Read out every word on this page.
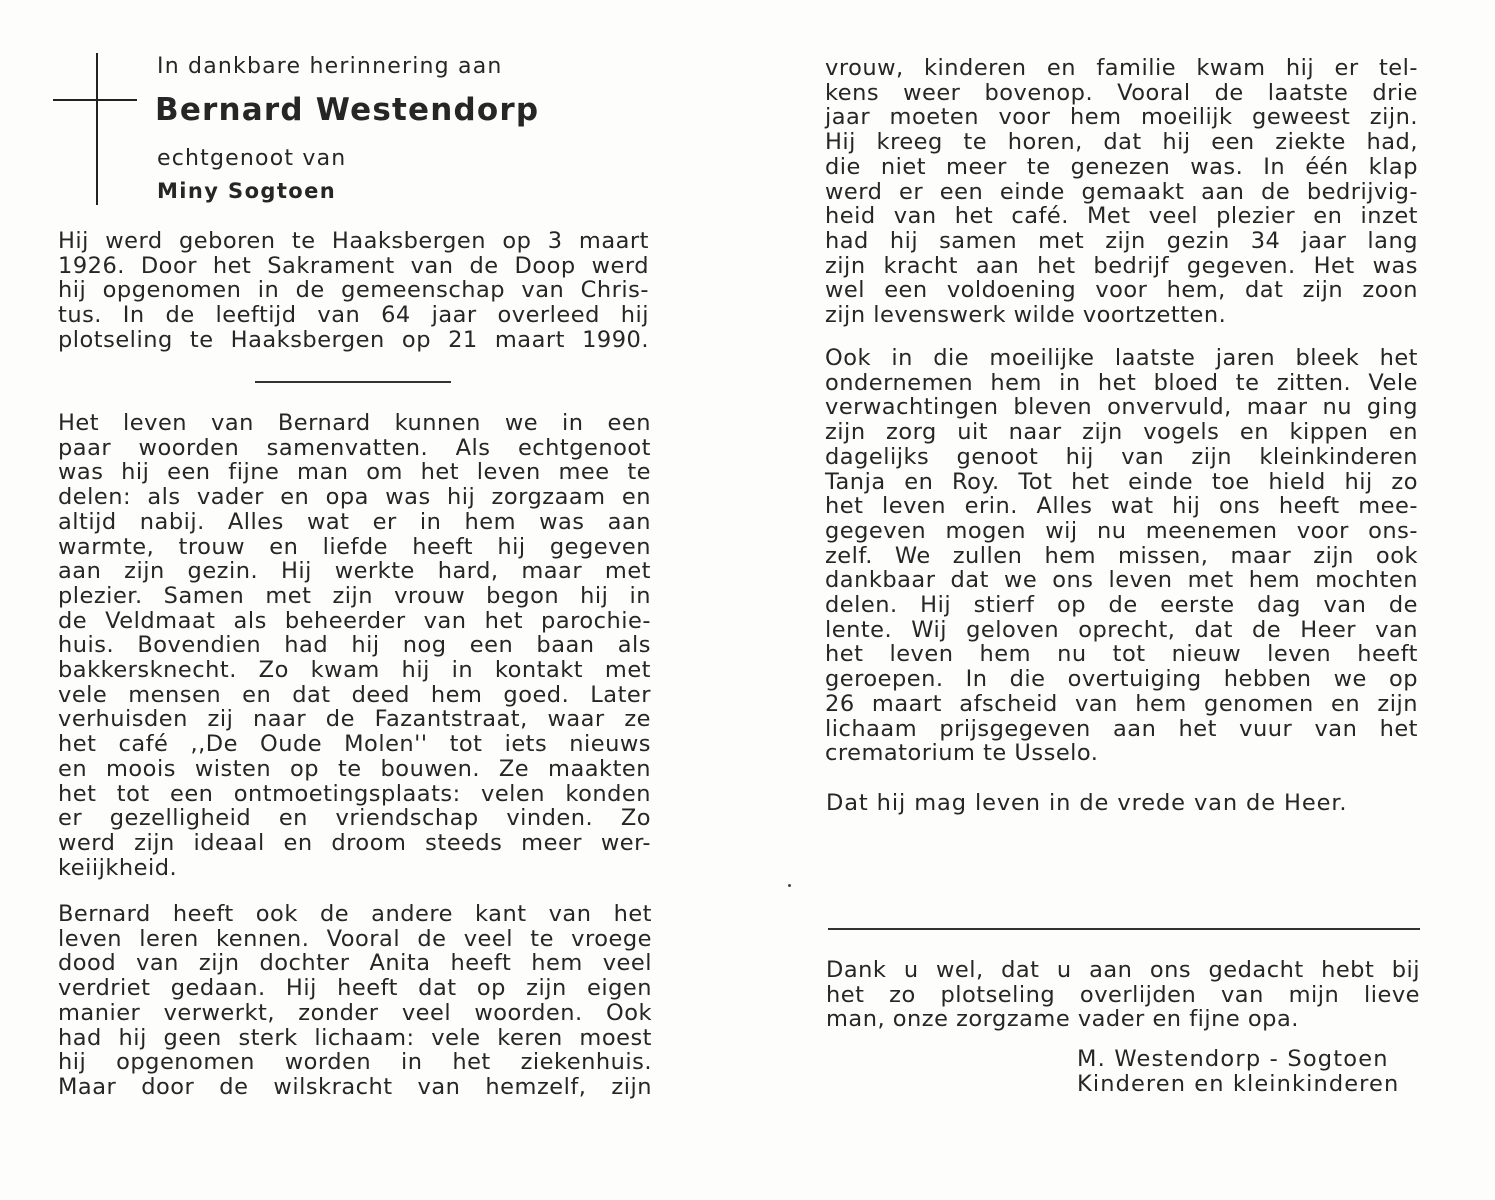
In dankbare herinnering aan
Bernard Westendorp
echtgenoot van
Miny Sogtoen
Hij werd geboren te Haaksbergen op 3 maart
1926. Door het Sakrament van de Doop werd
hij opgenomen in de gemeenschap van Chris-
tus. In de leeftijd van 64 jaar overleed hij
plotseling te Haaksbergen op 21 maart 1990.
Het leven van Bernard kunnen we in een
paar woorden samenvatten. Als echtgenoot
was hij een fijne man om het leven mee te
delen: als vader en opa was hij zorgzaam en
altijd nabij. Alles wat er in hem was aan
warmte, trouw en liefde heeft hij gegeven
aan zijn gezin. Hij werkte hard, maar met
plezier. Samen met zijn vrouw begon hij in
de Veldmaat als beheerder van het parochie-
huis. Bovendien had hij nog een baan als
bakkersknecht. Zo kwam hij in kontakt met
vele mensen en dat deed hem goed. Later
verhuisden zij naar de Fazantstraat, waar ze
het café ,,De Oude Molen'' tot iets nieuws
en moois wisten op te bouwen. Ze maakten
het tot een ontmoetingsplaats: velen konden
er gezelligheid en vriendschap vinden. Zo
werd zijn ideaal en droom steeds meer wer-
keiijkheid.
Bernard heeft ook de andere kant van het
leven leren kennen. Vooral de veel te vroege
dood van zijn dochter Anita heeft hem veel
verdriet gedaan. Hij heeft dat op zijn eigen
manier verwerkt, zonder veel woorden. Ook
had hij geen sterk lichaam: vele keren moest
hij opgenomen worden in het ziekenhuis.
Maar door de wilskracht van hemzelf, zijn
vrouw, kinderen en familie kwam hij er tel-
kens weer bovenop. Vooral de laatste drie
jaar moeten voor hem moeilijk geweest zijn.
Hij kreeg te horen, dat hij een ziekte had,
die niet meer te genezen was. In één klap
werd er een einde gemaakt aan de bedrijvig-
heid van het café. Met veel plezier en inzet
had hij samen met zijn gezin 34 jaar lang
zijn kracht aan het bedrijf gegeven. Het was
wel een voldoening voor hem, dat zijn zoon
zijn levenswerk wilde voortzetten.
Ook in die moeilijke laatste jaren bleek het
ondernemen hem in het bloed te zitten. Vele
verwachtingen bleven onvervuld, maar nu ging
zijn zorg uit naar zijn vogels en kippen en
dagelijks genoot hij van zijn kleinkinderen
Tanja en Roy. Tot het einde toe hield hij zo
het leven erin. Alles wat hij ons heeft mee-
gegeven mogen wij nu meenemen voor ons-
zelf. We zullen hem missen, maar zijn ook
dankbaar dat we ons leven met hem mochten
delen. Hij stierf op de eerste dag van de
lente. Wij geloven oprecht, dat de Heer van
het leven hem nu tot nieuw leven heeft
geroepen. In die overtuiging hebben we op
26 maart afscheid van hem genomen en zijn
lichaam prijsgegeven aan het vuur van het
crematorium te Usselo.
Dat hij mag leven in de vrede van de Heer.
Dank u wel, dat u aan ons gedacht hebt bij
het zo plotseling overlijden van mijn lieve
man, onze zorgzame vader en fijne opa.
M. Westendorp - Sogtoen
Kinderen en kleinkinderen
